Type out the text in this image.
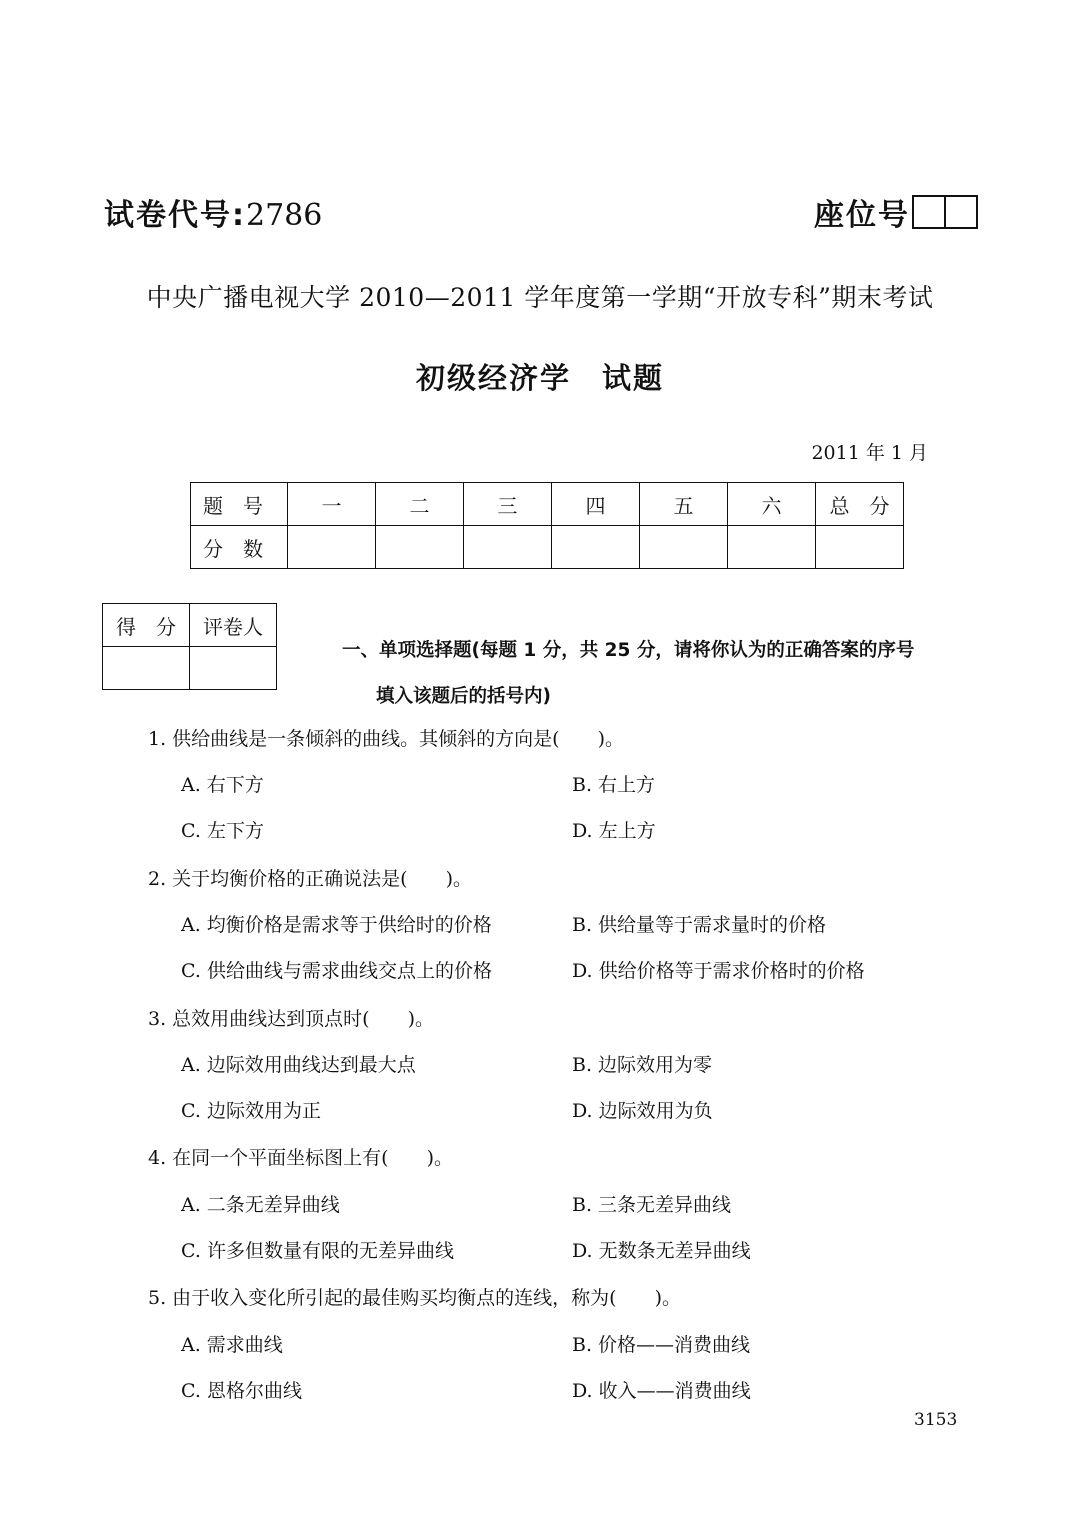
试卷代号:2786	座位号
中央广播电视大学 2010—2011 学年度第一学期“开放专科”期末考试
初级经济学　试题
2011 年 1 月
题　号	一	二	三	四	五	六	总　分
分　数							
得　分	评卷人

一、单项选择题(每题 1 分，共 25 分，请将你认为的正确答案的序号
填入该题后的括号内)
1. 供给曲线是一条倾斜的曲线。其倾斜的方向是(　　)。
A. 右下方	B. 右上方
C. 左下方	D. 左上方
2. 关于均衡价格的正确说法是(　　)。
A. 均衡价格是需求等于供给时的价格	B. 供给量等于需求量时的价格
C. 供给曲线与需求曲线交点上的价格	D. 供给价格等于需求价格时的价格
3. 总效用曲线达到顶点时(　　)。
A. 边际效用曲线达到最大点	B. 边际效用为零
C. 边际效用为正	D. 边际效用为负
4. 在同一个平面坐标图上有(　　)。
A. 二条无差异曲线	B. 三条无差异曲线
C. 许多但数量有限的无差异曲线	D. 无数条无差异曲线
5. 由于收入变化所引起的最佳购买均衡点的连线，称为(　　)。
A. 需求曲线	B. 价格——消费曲线
C. 恩格尔曲线	D. 收入——消费曲线
3153
